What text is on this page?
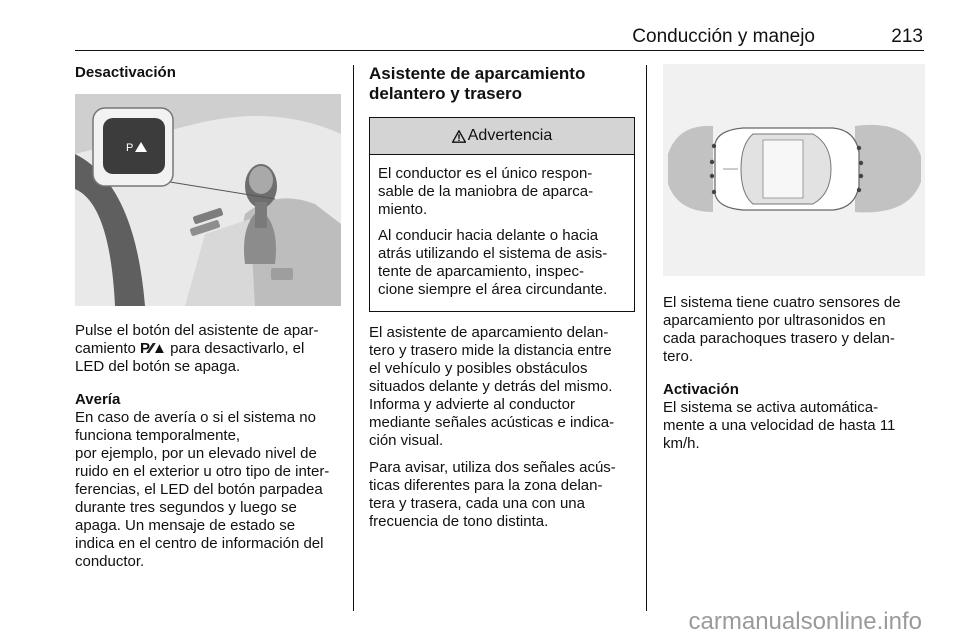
Conducción y manejo	213
Desactivación
P

Pulse el botón del asistente de apar-
camiento P⁄⁄▲ para desactivarlo, el
LED del botón se apaga.

Avería

En caso de avería o si el sistema no
funciona temporalmente,
por ejemplo, por un elevado nivel de
ruido en el exterior u otro tipo de inter-
ferencias, el LED del botón parpadea
durante tres segundos y luego se
apaga. Un mensaje de estado se
indica en el centro de información del
conductor.

Asistente de aparcamiento
delantero y trasero
Advertencia

El conductor es el único respon-
sable de la maniobra de aparca-
miento.

Al conducir hacia delante o hacia
atrás utilizando el sistema de asis-
tente de aparcamiento, inspec-
cione siempre el área circundante.

El asistente de aparcamiento delan-
tero y trasero mide la distancia entre
el vehículo y posibles obstáculos
situados delante y detrás del mismo.
Informa y advierte al conductor
mediante señales acústicas e indica-
ción visual.

Para avisar, utiliza dos señales acús-
ticas diferentes para la zona delan-
tera y trasera, cada una con una
frecuencia de tono distinta.

El sistema tiene cuatro sensores de
aparcamiento por ultrasonidos en
cada parachoques trasero y delan-
tero.

Activación

El sistema se activa automática-
mente a una velocidad de hasta 11
km/h.

carmanualsonline.info
